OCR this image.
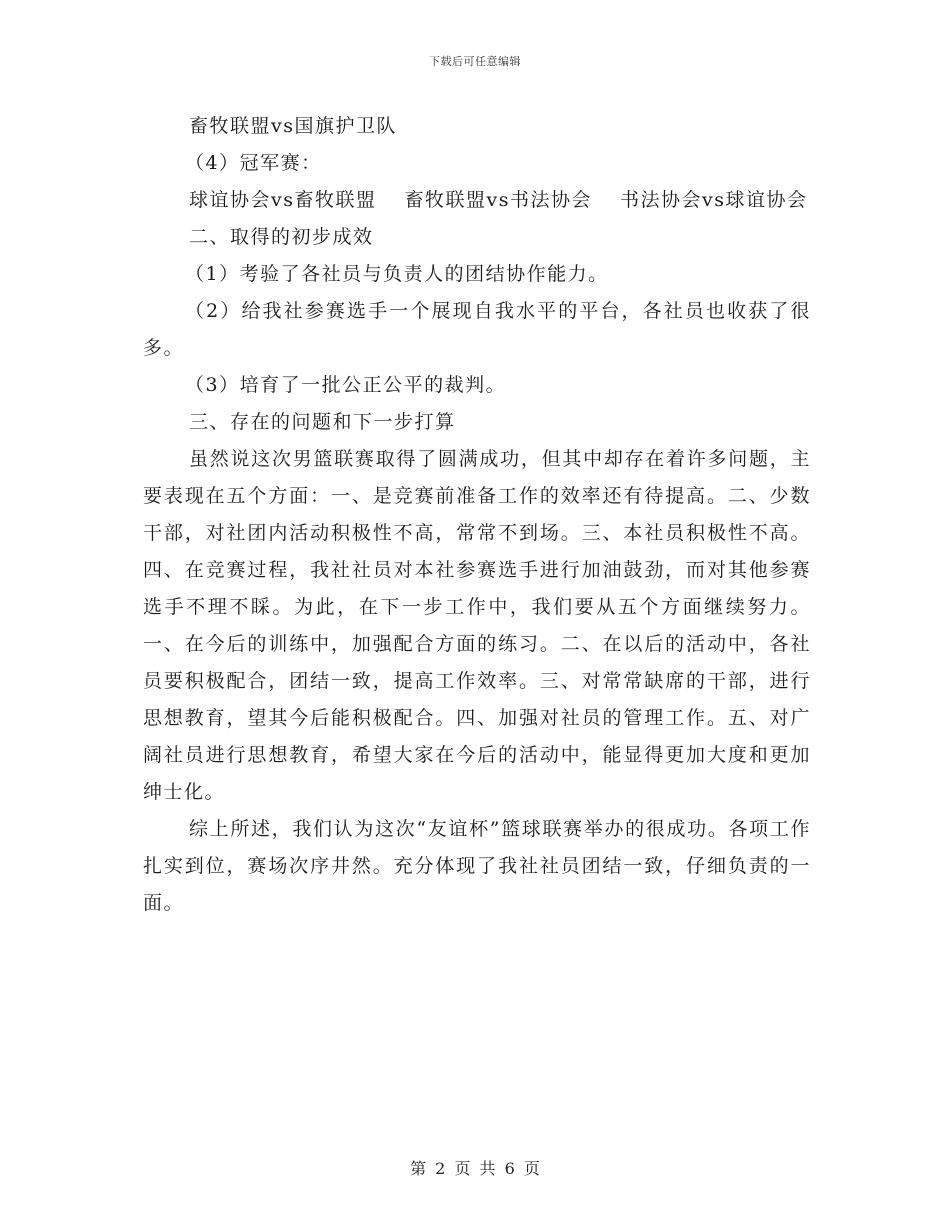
下载后可任意编辑

畜牧联盟vs国旗护卫队

（4）冠军赛：

球谊协会vs畜牧联盟 畜牧联盟vs书法协会 书法协会vs球谊协会

二、取得的初步成效

（1）考验了各社员与负责人的团结协作能力。

（2）给我社参赛选手一个展现自我水平的平台，各社员也收获了很多。

（3）培育了一批公正公平的裁判。

三、存在的问题和下一步打算

虽然说这次男篮联赛取得了圆满成功，但其中却存在着许多问题，主要表现在五个方面：一、是竞赛前准备工作的效率还有待提高。二、少数干部，对社团内活动积极性不高，常常不到场。三、本社员积极性不高。四、在竞赛过程，我社社员对本社参赛选手进行加油鼓劲，而对其他参赛选手不理不睬。为此，在下一步工作中，我们要从五个方面继续努力。一、在今后的训练中，加强配合方面的练习。二、在以后的活动中，各社员要积极配合，团结一致，提高工作效率。三、对常常缺席的干部，进行思想教育，望其今后能积极配合。四、加强对社员的管理工作。五、对广阔社员进行思想教育，希望大家在今后的活动中，能显得更加大度和更加绅士化。

综上所述，我们认为这次“友谊杯”篮球联赛举办的很成功。各项工作扎实到位，赛场次序井然。充分体现了我社社员团结一致，仔细负责的一面。

第 2 页 共 6 页
